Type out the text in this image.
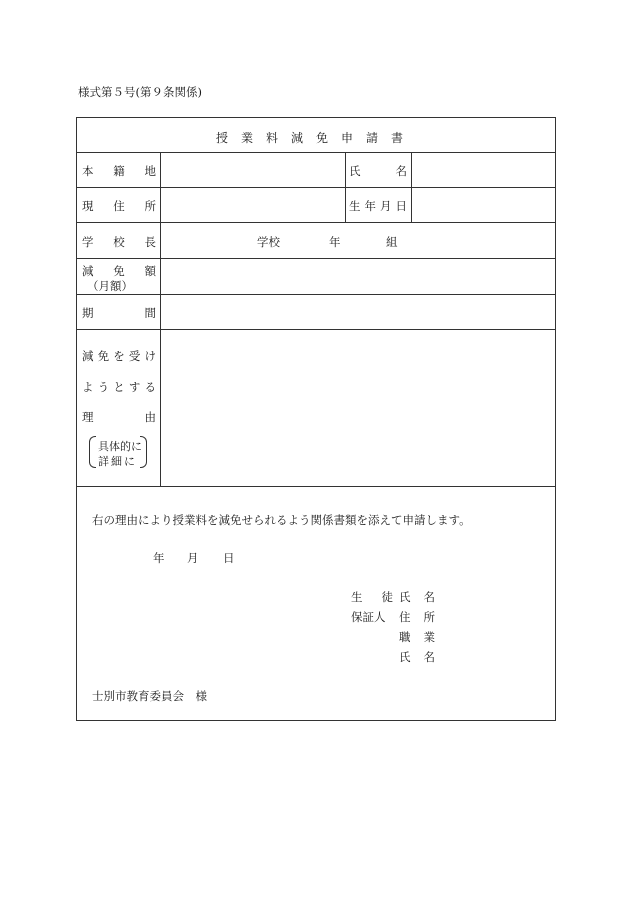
様式第５号(第９条関係)
授業料減免申請書
本 籍 地	氏	名
現 住 所	生 年 月 日
学 校 長	学校	年	組
減 免 額
（月額）
期	間
減 免 を 受 け
よ う と す る
理	由
具体的に
詳細に
右の理由により授業料を減免せられるよう関係書類を添えて申請します。
年 月 日
生 徒 氏 名
保証人 住 所
職 業
氏 名
士別市教育委員会　様
